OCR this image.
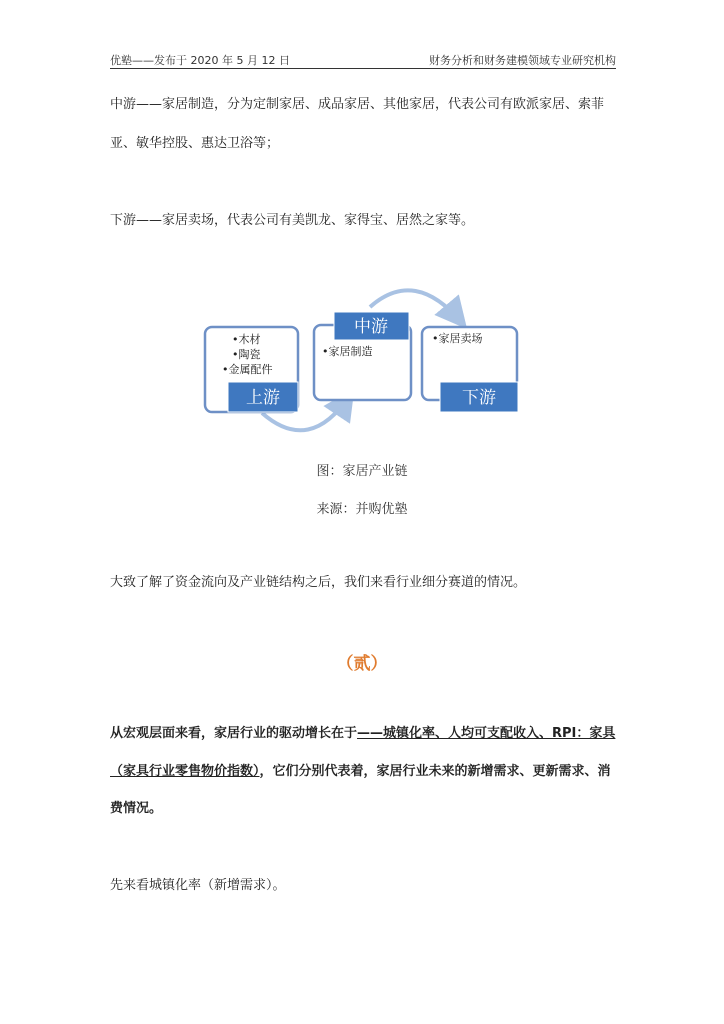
优塾——发布于 2020 年 5 月 12 日	财务分析和财务建模领域专业研究机构
中游——家居制造，分为定制家居、成品家居、其他家居，代表公司有欧派家居、索菲
亚、敏华控股、惠达卫浴等；
下游——家居卖场，代表公司有美凯龙、家得宝、居然之家等。
上游
中游
下游
•木材
•陶瓷
•金属配件
•家居制造
•家居卖场
图：家居产业链
来源：并购优塾
大致了解了资金流向及产业链结构之后，我们来看行业细分赛道的情况。
（贰）
从宏观层面来看，家居行业的驱动增长在于——城镇化率、人均可支配收入、RPI：家具
（家具行业零售物价指数），它们分别代表着，家居行业未来的新增需求、更新需求、消
费情况。
先来看城镇化率（新增需求）。
